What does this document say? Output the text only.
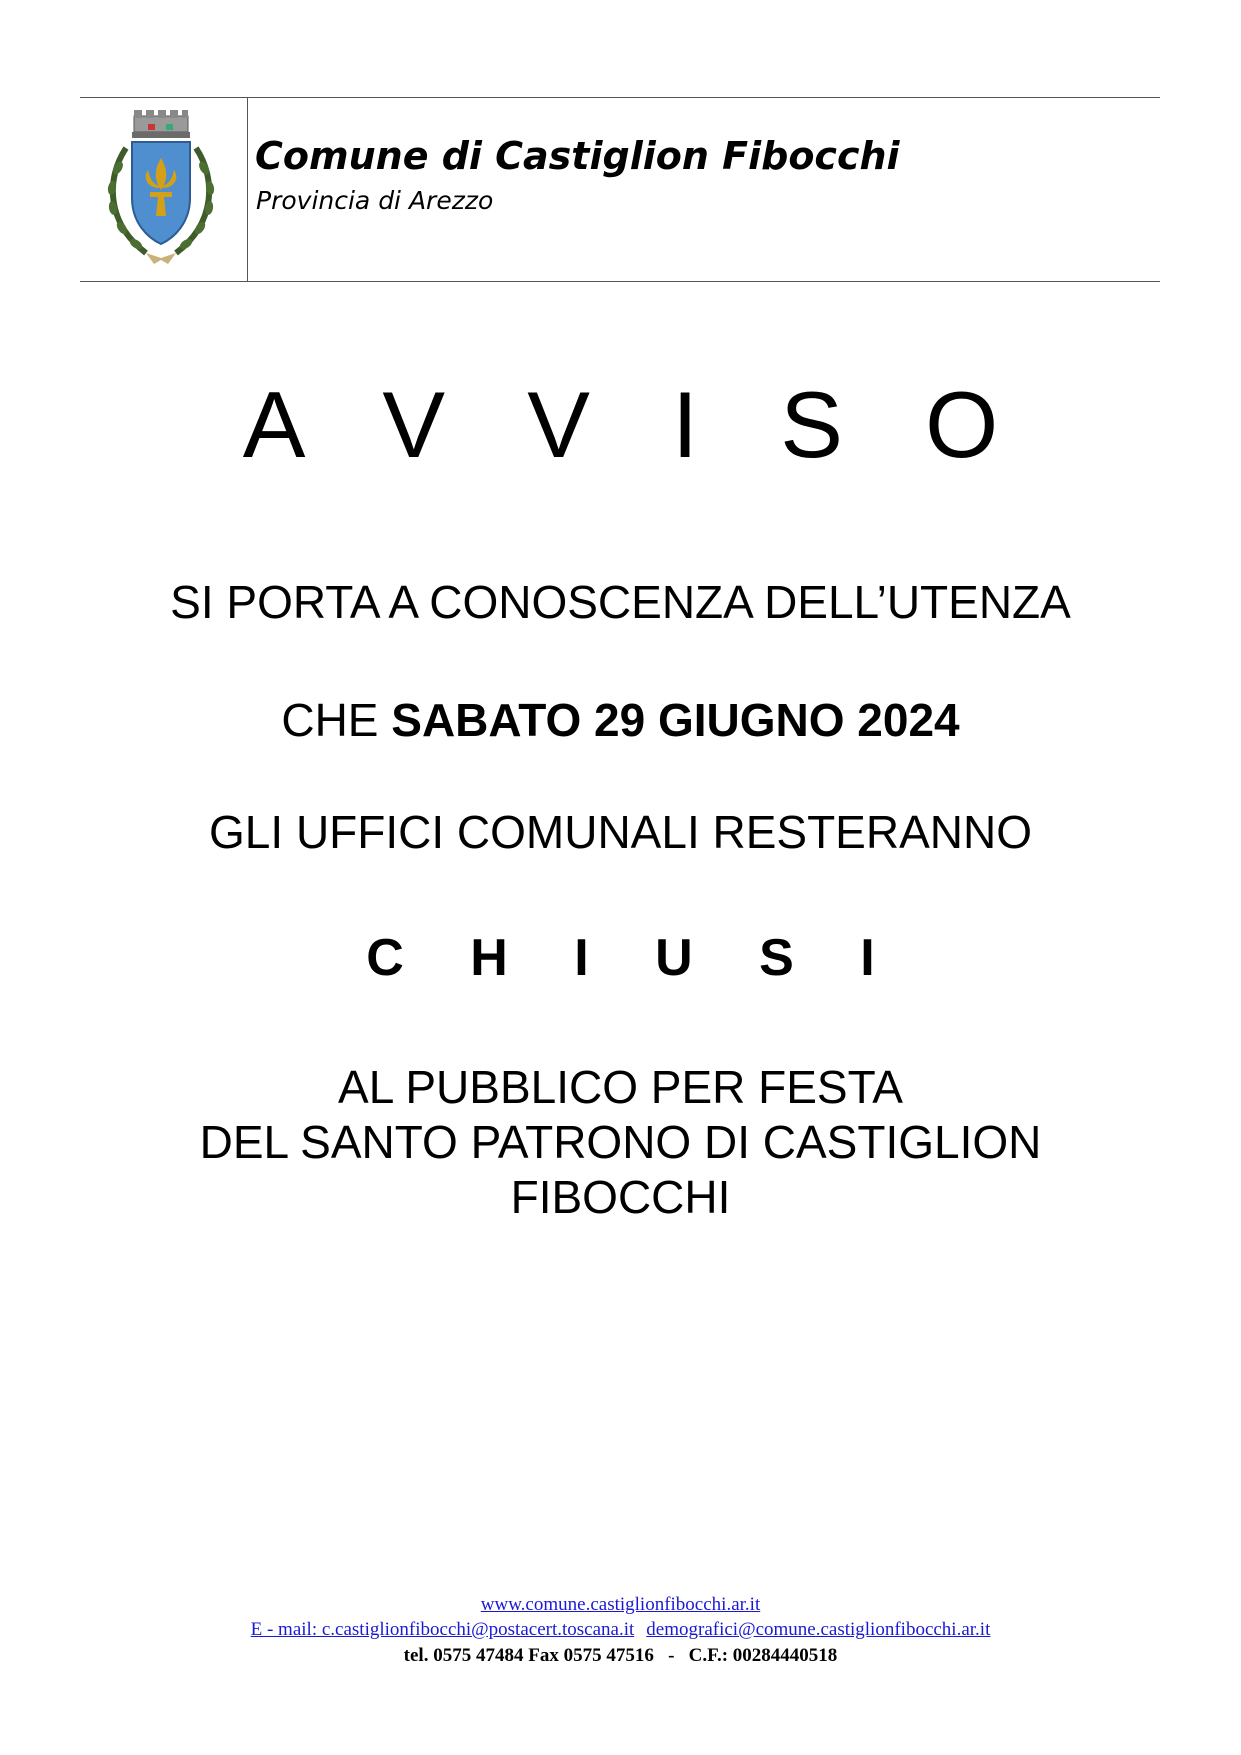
Comune di Castiglion Fibocchi
Provincia di Arezzo
A V V I S O
SI PORTA A CONOSCENZA DELL’UTENZA
CHE SABATO 29 GIUGNO 2024
GLI UFFICI COMUNALI RESTERANNO
C H I U S I
AL PUBBLICO PER FESTA
DEL SANTO PATRONO DI CASTIGLION
FIBOCCHI
www.comune.castiglionfibocchi.ar.it
E - mail: c.castiglionfibocchi@postacert.toscana.it demografici@comune.castiglionfibocchi.ar.it
tel. 0575 47484 Fax 0575 47516   -   C.F.: 00284440518
